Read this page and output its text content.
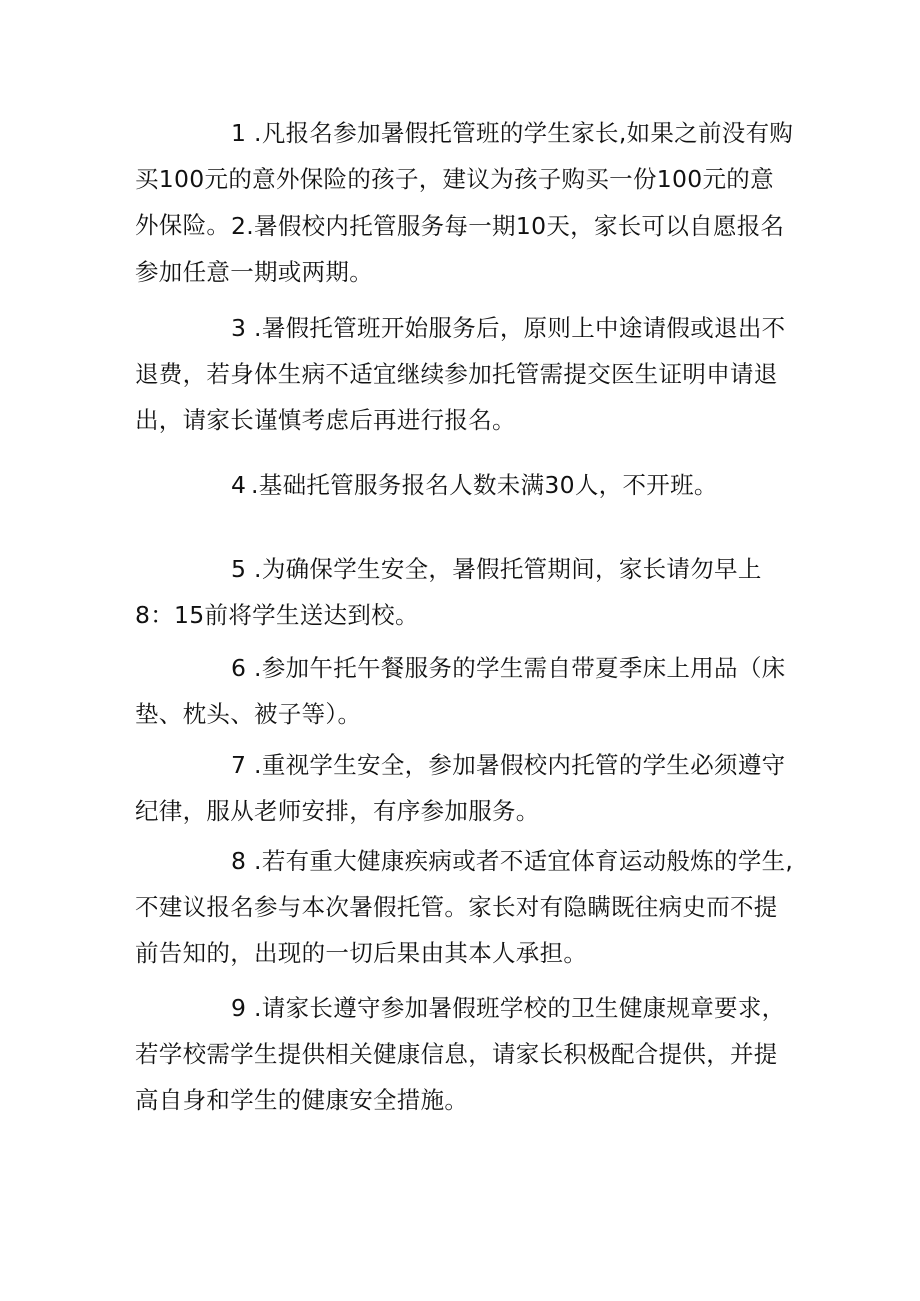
1 .凡报名参加暑假托管班的学生家长,如果之前没有购买100元的意外保险的孩子，建议为孩子购买一份100元的意外保险。 2.暑假校内托管服务每一期10天，家长可以自愿报名参加任意一期或两期。

3 .暑假托管班开始服务后，原则上中途请假或退出不退费，若身体生病不适宜继续参加托管需提交医生证明申请退出，请家长谨慎考虑后再进行报名。

4 .基础托管服务报名人数未满30人，不开班。

5 .为确保学生安全，暑假托管期间，家长请勿早上8：15前将学生送达到校。

6 .参加午托午餐服务的学生需自带夏季床上用品（床垫、枕头、被子等）。

7 .重视学生安全，参加暑假校内托管的学生必须遵守纪律，服从老师安排，有序参加服务。

8 .若有重大健康疾病或者不适宜体育运动般炼的学生,不建议报名参与本次暑假托管。家长对有隐瞒既往病史而不提前告知的，出现的一切后果由其本人承担。

9 .请家长遵守参加暑假班学校的卫生健康规章要求，若学校需学生提供相关健康信息，请家长积极配合提供，并提高自身和学生的健康安全措施。
